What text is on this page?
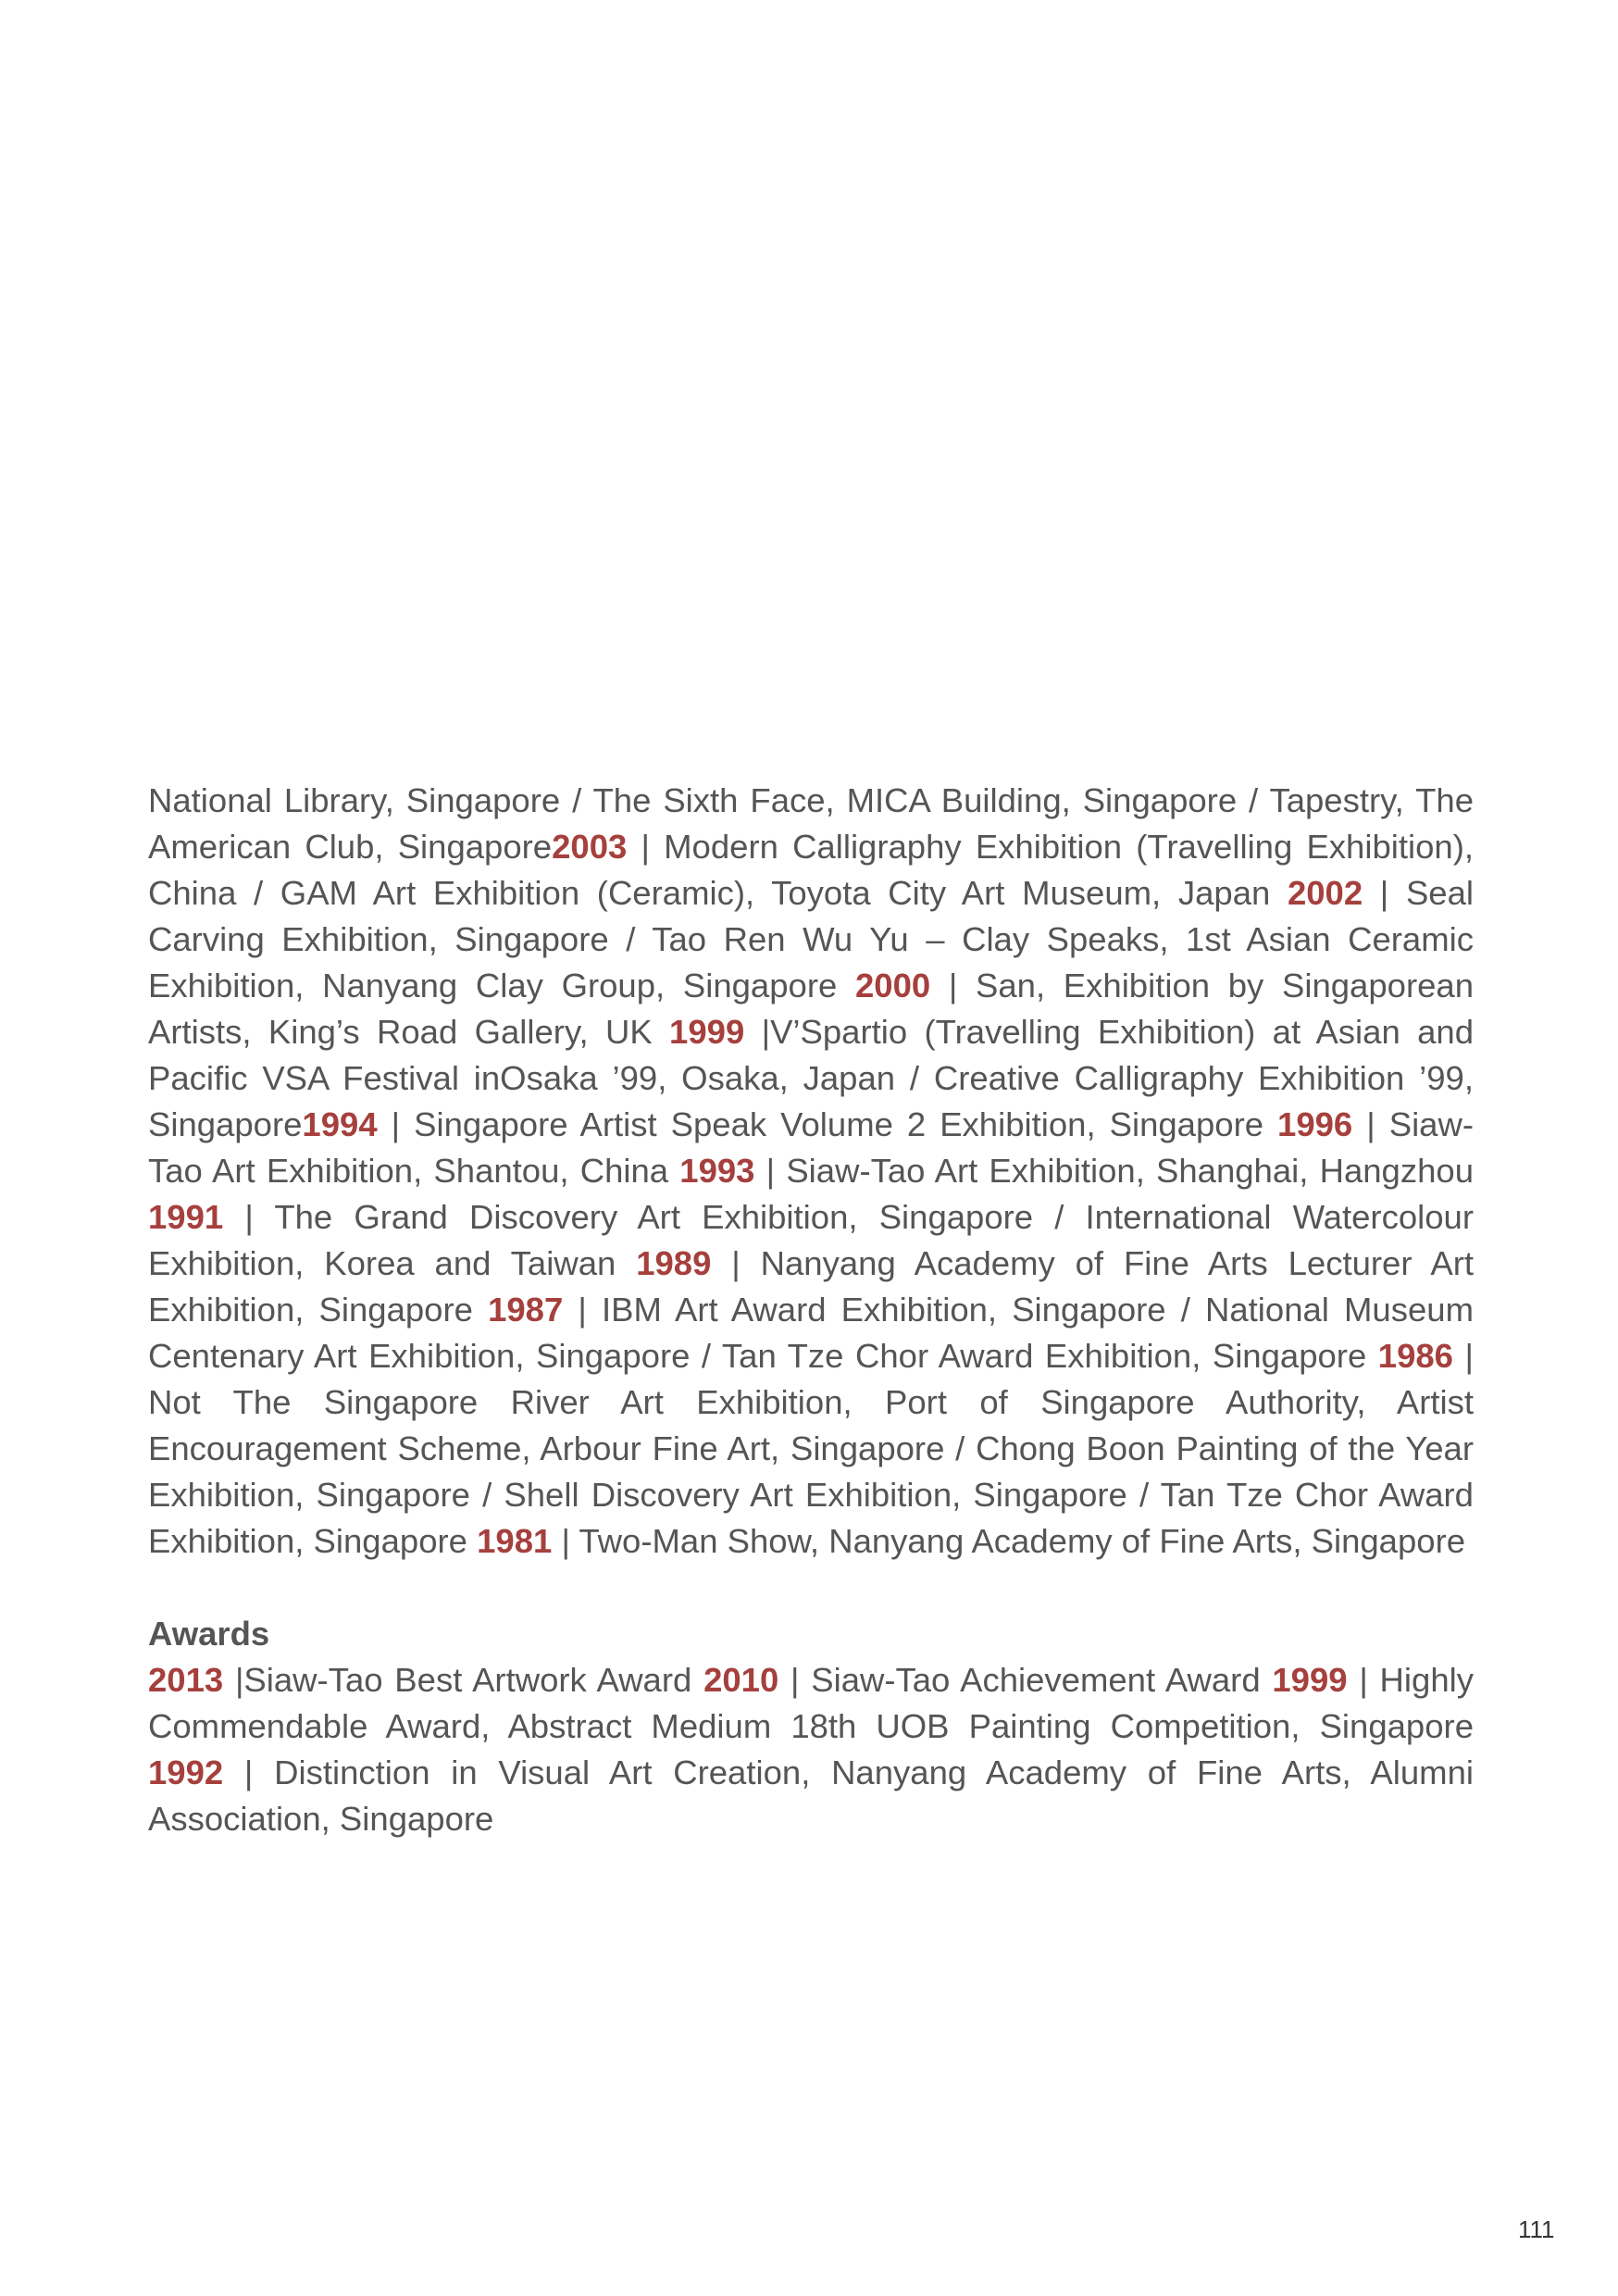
National Library, Singapore / The Sixth Face, MICA Building, Singapore / Tapestry, The American Club, Singapore2003 | Modern Calligraphy Exhibition (Travelling Exhibition), China / GAM Art Exhibition (Ceramic), Toyota City Art Museum, Japan 2002 | Seal Carving Exhibition, Singapore / Tao Ren Wu Yu – Clay Speaks, 1st Asian Ceramic Exhibition, Nanyang Clay Group, Singapore 2000 | San, Exhibition by Singaporean Artists, King’s Road Gallery, UK 1999 |V’Spartio (Travelling Exhibition) at Asian and Pacific VSA Festival inOsaka ’99, Osaka, Japan / Creative Calligraphy Exhibition ’99, Singapore1994 | Singapore Artist Speak Volume 2 Exhibition, Singapore 1996 | Siaw-Tao Art Exhibition, Shantou, China 1993 | Siaw-Tao Art Exhibition, Shanghai, Hangzhou 1991 | The Grand Discovery Art Exhibition, Singapore / International Watercolour Exhibition, Korea and Taiwan 1989 | Nanyang Academy of Fine Arts Lecturer Art Exhibition, Singapore 1987 | IBM Art Award Exhibition, Singapore / National Museum Centenary Art Exhibition, Singapore / Tan Tze Chor Award Exhibition, Singapore 1986 | Not The Singapore River Art Exhibition, Port of Singapore Authority, Artist Encouragement Scheme, Arbour Fine Art, Singapore / Chong Boon Painting of the Year Exhibition, Singapore / Shell Discovery Art Exhibition, Singapore / Tan Tze Chor Award Exhibition, Singapore 1981 | Two-Man Show, Nanyang Academy of Fine Arts, Singapore

Awards

2013 |Siaw-Tao Best Artwork Award 2010 | Siaw-Tao Achievement Award 1999 | Highly Commendable Award, Abstract Medium 18th UOB Painting Competition, Singapore 1992 | Distinction in Visual Art Creation, Nanyang Academy of Fine Arts, Alumni Association, Singapore

111
